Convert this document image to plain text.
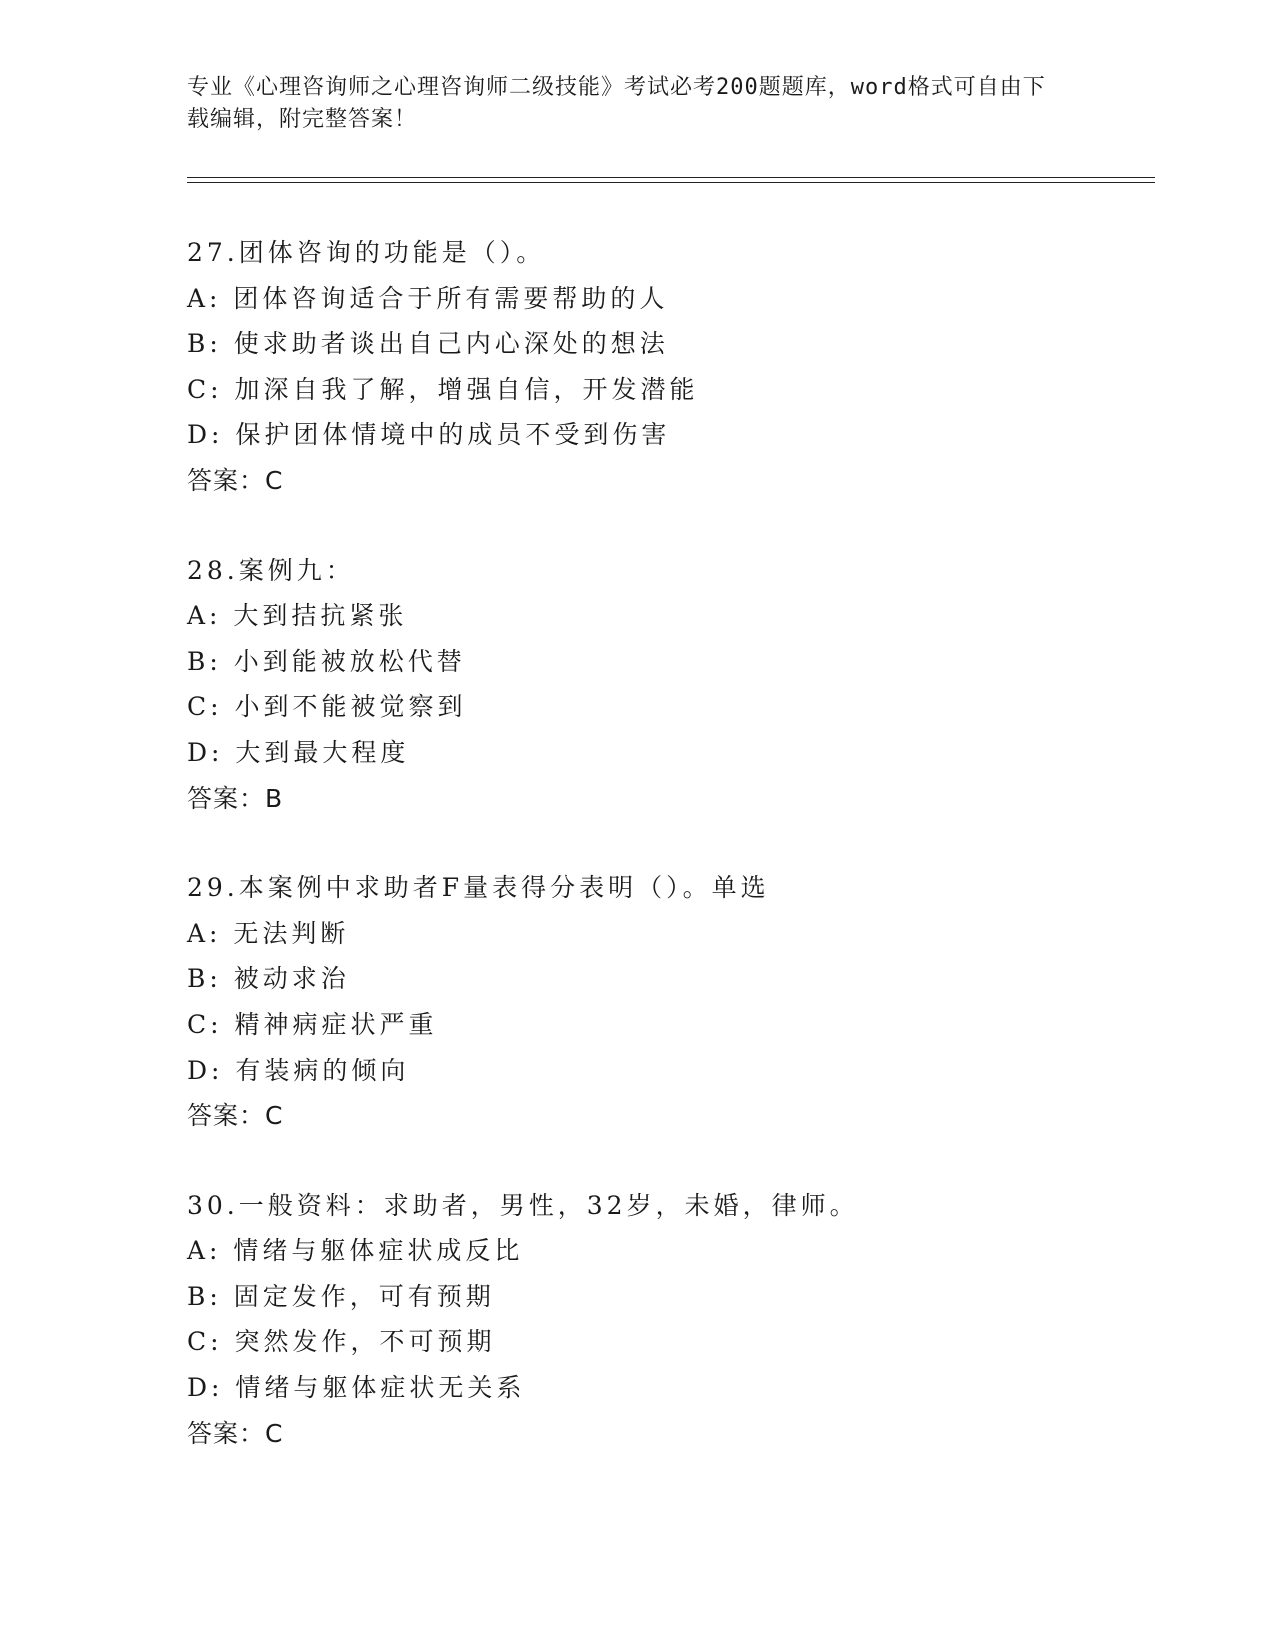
专业《心理咨询师之心理咨询师二级技能》考试必考200题题库，word格式可自由下载编辑，附完整答案！
27.团体咨询的功能是（）。
A: 团体咨询适合于所有需要帮助的人
B: 使求助者谈出自己内心深处的想法
C: 加深自我了解，增强自信，开发潜能
D: 保护团体情境中的成员不受到伤害
答案：C
28.案例九：
A: 大到拮抗紧张
B: 小到能被放松代替
C: 小到不能被觉察到
D: 大到最大程度
答案：B
29.本案例中求助者F量表得分表明（）。单选
A: 无法判断
B: 被动求治
C: 精神病症状严重
D: 有装病的倾向
答案：C
30.一般资料：求助者，男性，32岁，未婚，律师。
A: 情绪与躯体症状成反比
B: 固定发作，可有预期
C: 突然发作，不可预期
D: 情绪与躯体症状无关系
答案：C
